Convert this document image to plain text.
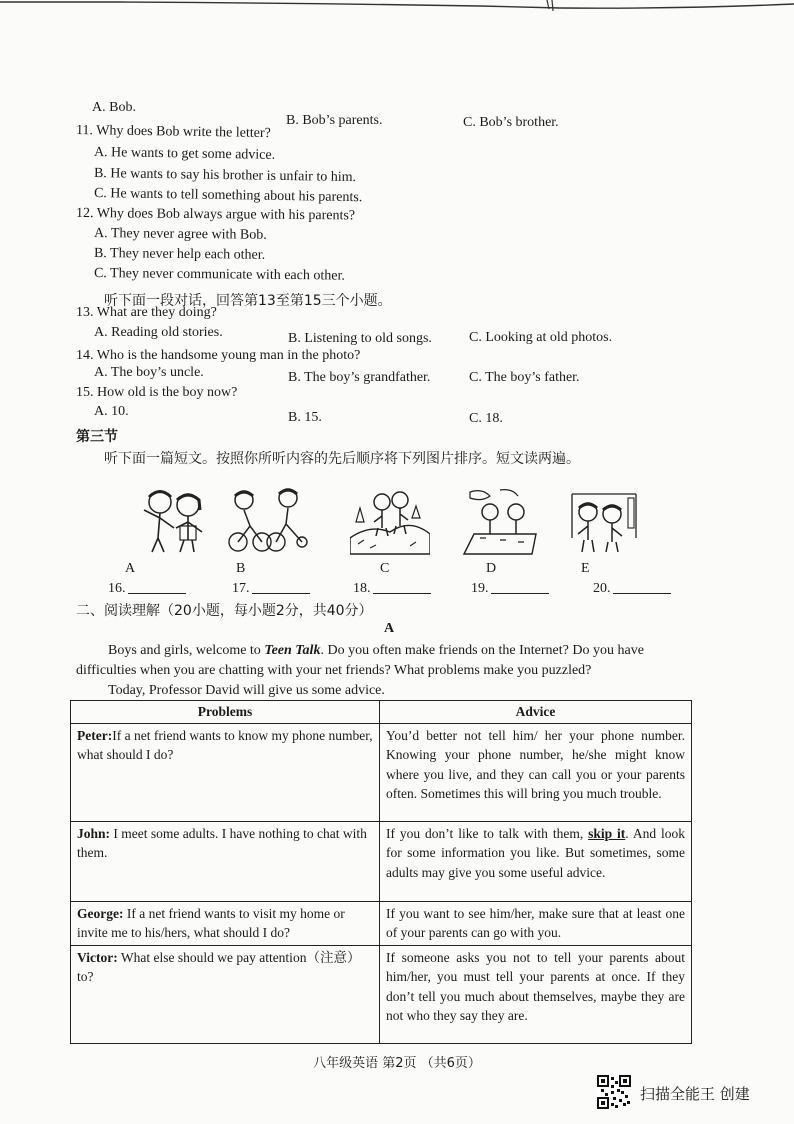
A. Bob.
B. Bob’s parents.	C. Bob’s brother.
11. Why does Bob write the letter?
A. He wants to get some advice.
B. He wants to say his brother is unfair to him.
C. He wants to tell something about his parents.
12. Why does Bob always argue with his parents?
A. They never agree with Bob.
B. They never help each other.
C. They never communicate with each other.
听下面一段对话，回答第13至第15三个小题。
13. What are they doing?
A. Reading old stories.	B. Listening to old songs.	C. Looking at old photos.
14. Who is the handsome young man in the photo?
A. The boy’s uncle.	B. The boy’s grandfather.	C. The boy’s father.
15. How old is the boy now?
A. 10.	B. 15.	C. 18.
第三节
听下面一篇短文。按照你所听内容的先后顺序将下列图片排序。短文读两遍。
A	B	C	D	E
16.	17.	18.	19.	20.
二、阅读理解（20小题，每小题2分，共40分）
A
Boys and girls, welcome to Teen Talk. Do you often make friends on the Internet? Do you have
difficulties when you are chatting with your net friends? What problems make you puzzled?
Today, Professor David will give us some advice.
Problems	Advice
Peter:If a net friend wants to know my phone number, what should I do?	You’d better not tell him/ her your phone number. Knowing your phone number, he/she might know where you live, and they can call you or your parents often. Sometimes this will bring you much trouble.
John: I meet some adults. I have nothing to chat with them.	If you don’t like to talk with them, skip it. And look for some information you like. But sometimes, some adults may give you some useful advice.
George: If a net friend wants to visit my home or invite me to his/hers, what should I do?	If you want to see him/her, make sure that at least one of your parents can go with you.
Victor: What else should we pay attention（注意）to?	If someone asks you not to tell your parents about him/her, you must tell your parents at once. If they don’t tell you much about themselves, maybe they are not who they say they are.
八年级英语 第2页 （共6页）
扫描全能王 创建
